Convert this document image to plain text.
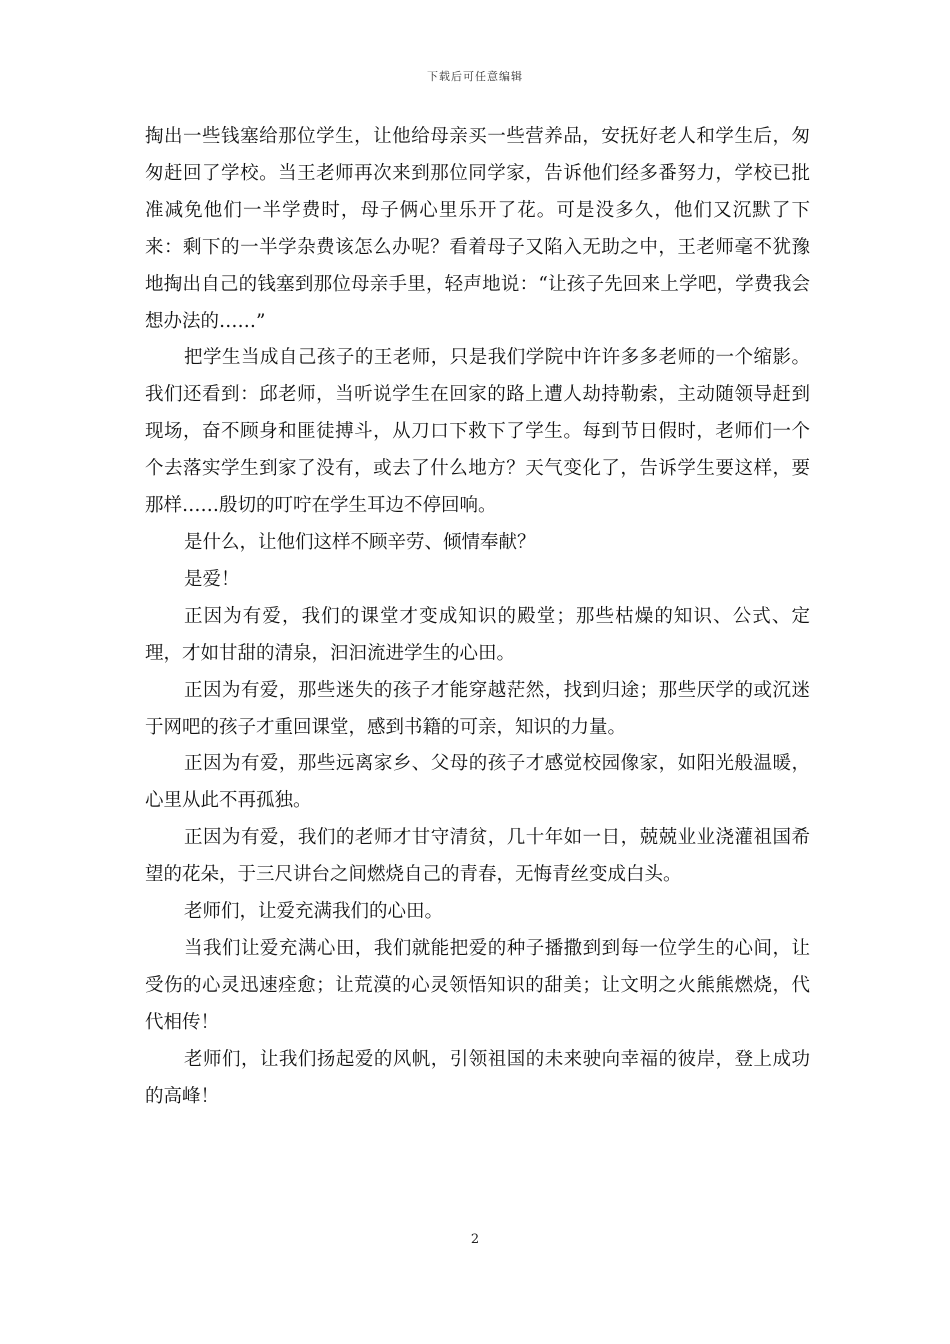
下载后可任意编辑

掏出一些钱塞给那位学生，让他给母亲买一些营养品，安抚好老人和学生后，匆匆赶回了学校。当王老师再次来到那位同学家，告诉他们经多番努力，学校已批准减免他们一半学费时，母子俩心里乐开了花。可是没多久，他们又沉默了下来：剩下的一半学杂费该怎么办呢？看着母子又陷入无助之中，王老师毫不犹豫地掏出自己的钱塞到那位母亲手里，轻声地说：“让孩子先回来上学吧，学费我会想办法的……”

把学生当成自己孩子的王老师，只是我们学院中许许多多老师的一个缩影。我们还看到：邱老师，当听说学生在回家的路上遭人劫持勒索，主动随领导赶到现场，奋不顾身和匪徒搏斗，从刀口下救下了学生。每到节日假时，老师们一个个去落实学生到家了没有，或去了什么地方？天气变化了，告诉学生要这样，要那样……殷切的叮咛在学生耳边不停回响。

是什么，让他们这样不顾辛劳、倾情奉献？

是爱！

正因为有爱，我们的课堂才变成知识的殿堂；那些枯燥的知识、公式、定理，才如甘甜的清泉，汩汩流进学生的心田。

正因为有爱，那些迷失的孩子才能穿越茫然，找到归途；那些厌学的或沉迷于网吧的孩子才重回课堂，感到书籍的可亲，知识的力量。

正因为有爱，那些远离家乡、父母的孩子才感觉校园像家，如阳光般温暖，心里从此不再孤独。

正因为有爱，我们的老师才甘守清贫，几十年如一日，兢兢业业浇灌祖国希望的花朵，于三尺讲台之间燃烧自己的青春，无悔青丝变成白头。

老师们，让爱充满我们的心田。

当我们让爱充满心田，我们就能把爱的种子播撒到到每一位学生的心间，让受伤的心灵迅速痊愈；让荒漠的心灵领悟知识的甜美；让文明之火熊熊燃烧，代代相传！

老师们，让我们扬起爱的风帆，引领祖国的未来驶向幸福的彼岸，登上成功的高峰！

2
